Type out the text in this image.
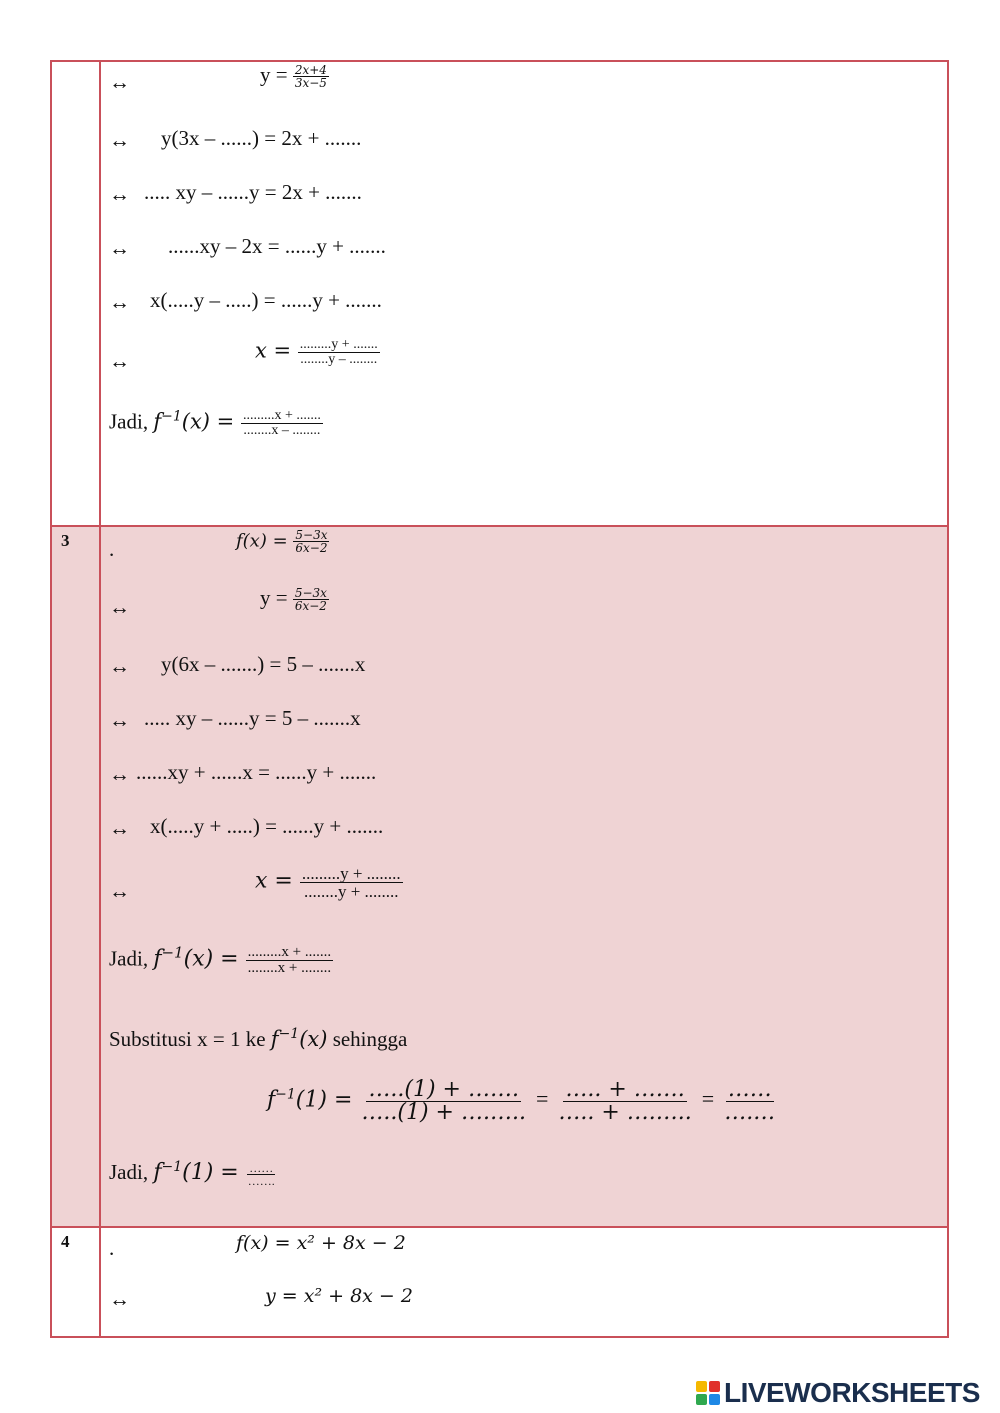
↔	$y = \frac{2x+4}{3x-5}$
↔ y(3x – ......) = 2x + .......
↔ ..... xy – ......y = 2x + .......
↔ ......xy – 2x = ......y + .......
↔ x(.....y – .....) = ......y + .......
↔	$x = \frac{.........y + .......}{........y - ........}$
Jadi, $f^{-1}(x) = \frac{.........x + .......}{........x - ........}$
3 .	$f(x) = \frac{5-3x}{6x-2}$
↔	$y = \frac{5-3x}{6x-2}$
↔ y(6x – .......) = 5 – .......x
↔ ..... xy – ......y = 5 – .......x
↔ ......xy + ......x = ......y + .......
↔ x(.....y + .....) = ......y + .......
↔	$x = \frac{.........y + ........}{........y + ........}$
Jadi, $f^{-1}(x) = \frac{.........x + .......}{........x + ........}$
Substitusi x = 1 ke $f^{-1}(x)$ sehingga
$f^{-1}(1) = \frac{\dots..(1) + \dots\dots.}{\dots..(1) + \dots.\dots..} = \frac{\dots.. + \dots\dots.}{\dots.. + \dots.\dots..} = \frac{\dots\dots}{\dots.\dots}$
Jadi, $f^{-1}(1) = \frac{\dots\dots}{\dots\dots.}$
4 .	f(x) = x² + 8x − 2
↔	y = x² + 8x − 2
LIVEWORKSHEETS
